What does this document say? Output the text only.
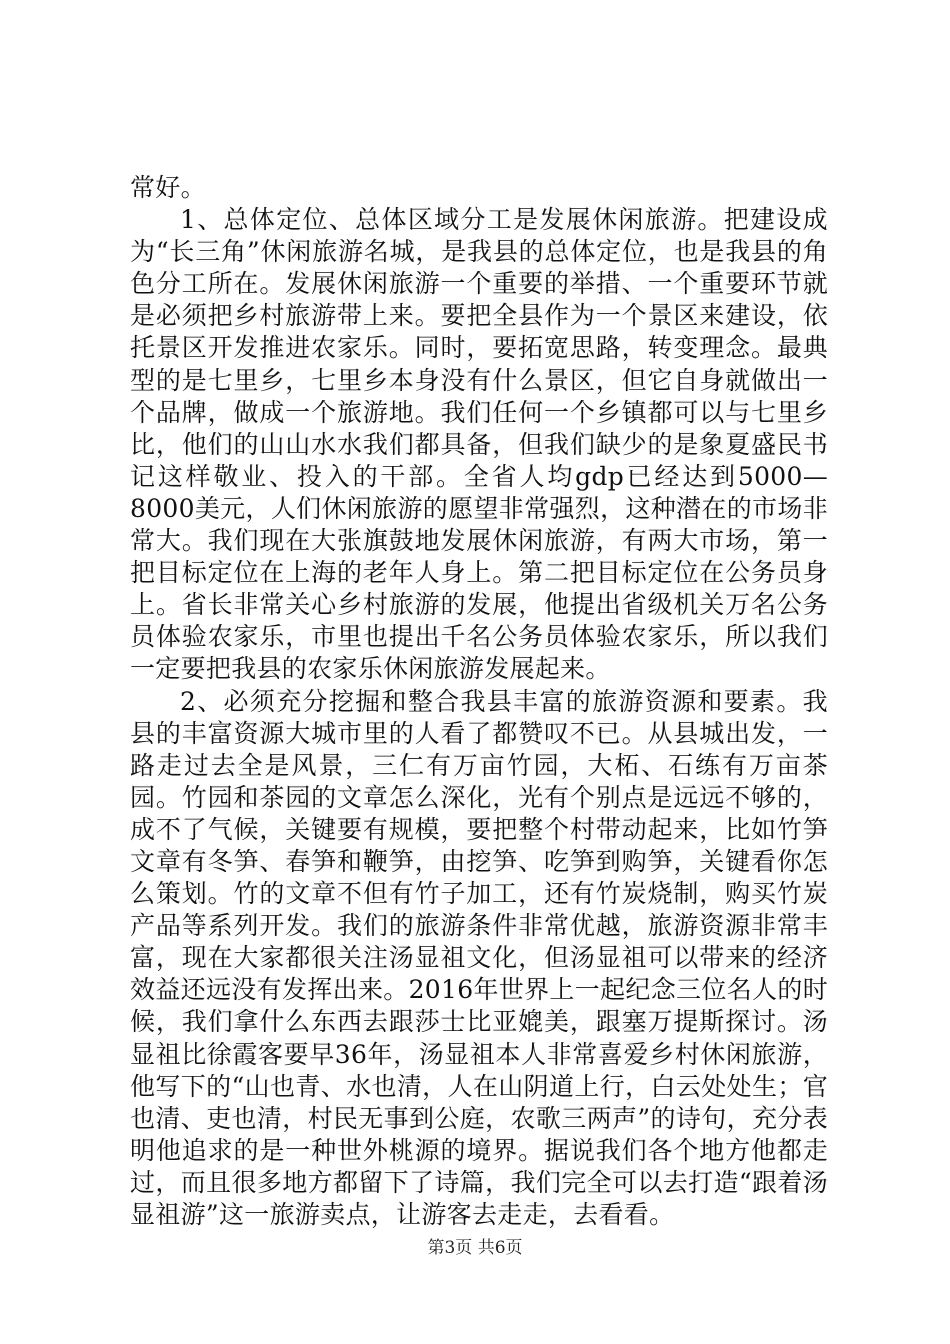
常好。

1、总体定位、总体区域分工是发展休闲旅游。把建设成为“长三角”休闲旅游名城，是我县的总体定位，也是我县的角色分工所在。发展休闲旅游一个重要的举措、一个重要环节就是必须把乡村旅游带上来。要把全县作为一个景区来建设，依托景区开发推进农家乐。同时，要拓宽思路，转变理念。最典型的是七里乡，七里乡本身没有什么景区，但它自身就做出一个品牌，做成一个旅游地。我们任何一个乡镇都可以与七里乡比，他们的山山水水我们都具备，但我们缺少的是象夏盛民书记这样敬业、投入的干部。全省人均gdp已经达到5000—8000美元，人们休闲旅游的愿望非常强烈，这种潜在的市场非常大。我们现在大张旗鼓地发展休闲旅游，有两大市场，第一把目标定位在上海的老年人身上。第二把目标定位在公务员身上。省长非常关心乡村旅游的发展，他提出省级机关万名公务员体验农家乐，市里也提出千名公务员体验农家乐，所以我们一定要把我县的农家乐休闲旅游发展起来。

2、必须充分挖掘和整合我县丰富的旅游资源和要素。我县的丰富资源大城市里的人看了都赞叹不已。从县城出发，一路走过去全是风景，三仁有万亩竹园，大柘、石练有万亩茶园。竹园和茶园的文章怎么深化，光有个别点是远远不够的，成不了气候，关键要有规模，要把整个村带动起来，比如竹笋文章有冬笋、春笋和鞭笋，由挖笋、吃笋到购笋，关键看你怎么策划。竹的文章不但有竹子加工，还有竹炭烧制，购买竹炭产品等系列开发。我们的旅游条件非常优越，旅游资源非常丰富，现在大家都很关注汤显祖文化，但汤显祖可以带来的经济效益还远没有发挥出来。2016年世界上一起纪念三位名人的时候，我们拿什么东西去跟莎士比亚媲美，跟塞万提斯探讨。汤显祖比徐霞客要早36年，汤显祖本人非常喜爱乡村休闲旅游，他写下的“山也青、水也清，人在山阴道上行，白云处处生；官也清、吏也清，村民无事到公庭，农歌三两声”的诗句，充分表明他追求的是一种世外桃源的境界。据说我们各个地方他都走过，而且很多地方都留下了诗篇，我们完全可以去打造“跟着汤显祖游”这一旅游卖点，让游客去走走，去看看。

第3页 共6页
